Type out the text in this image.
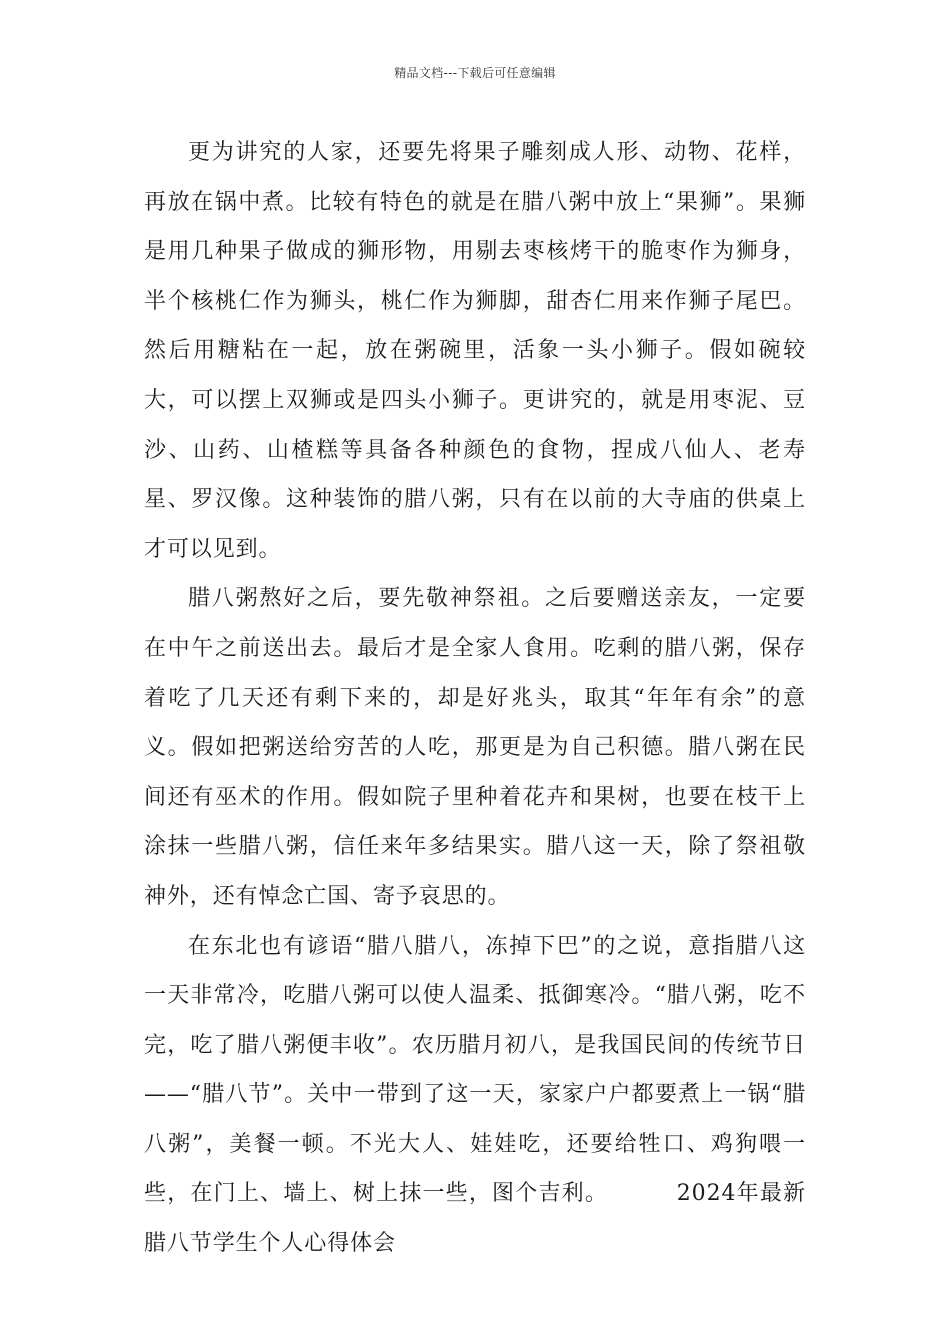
精品文档---下载后可任意编辑

更为讲究的人家，还要先将果子雕刻成人形、动物、花样，再放在锅中煮。比较有特色的就是在腊八粥中放上“果狮”。果狮是用几种果子做成的狮形物，用剔去枣核烤干的脆枣作为狮身，半个核桃仁作为狮头，桃仁作为狮脚，甜杏仁用来作狮子尾巴。然后用糖粘在一起，放在粥碗里，活象一头小狮子。假如碗较大，可以摆上双狮或是四头小狮子。更讲究的，就是用枣泥、豆沙、山药、山楂糕等具备各种颜色的食物，捏成八仙人、老寿星、罗汉像。这种装饰的腊八粥，只有在以前的大寺庙的供桌上才可以见到。

腊八粥熬好之后，要先敬神祭祖。之后要赠送亲友，一定要在中午之前送出去。最后才是全家人食用。吃剩的腊八粥，保存着吃了几天还有剩下来的，却是好兆头，取其“年年有余”的意义。假如把粥送给穷苦的人吃，那更是为自己积德。腊八粥在民间还有巫术的作用。假如院子里种着花卉和果树，也要在枝干上涂抹一些腊八粥，信任来年多结果实。腊八这一天，除了祭祖敬神外，还有悼念亡国、寄予哀思的。

在东北也有谚语“腊八腊八，冻掉下巴”的之说，意指腊八这一天非常冷，吃腊八粥可以使人温柔、抵御寒冷。“腊八粥，吃不完，吃了腊八粥便丰收”。农历腊月初八，是我国民间的传统节日——“腊八节”。关中一带到了这一天，家家户户都要煮上一锅“腊八粥”，美餐一顿。不光大人、娃娃吃，还要给牲口、鸡狗喂一些，在门上、墙上、树上抹一些，图个吉利。   	2024年最新腊八节学生个人心得体会
